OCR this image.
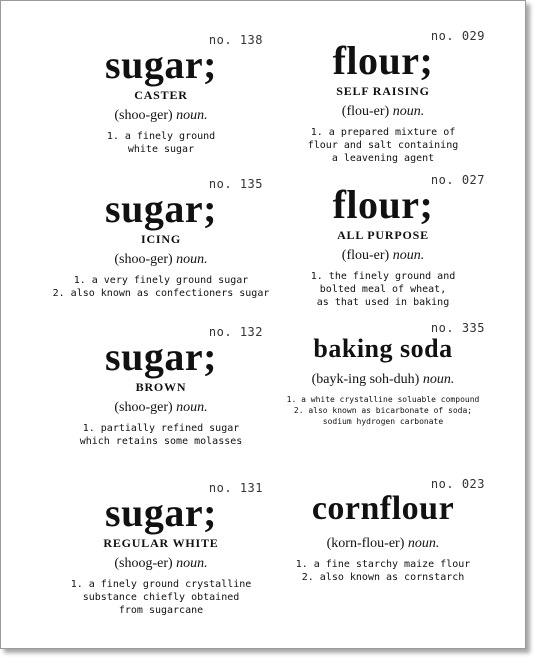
no. 138
sugar;
CASTER
(shoo-ger) noun.
1. a finely ground
white sugar
no. 029
flour;
SELF RAISING
(flou-er) noun.
1. a prepared mixture of
flour and salt containing
a leavening agent
no. 135
sugar;
ICING
(shoo-ger) noun.
1. a very finely ground sugar
2. also known as confectioners sugar
no. 027
flour;
ALL PURPOSE
(flou-er) noun.
1. the finely ground and
bolted meal of wheat,
as that used in baking
no. 132
sugar;
BROWN
(shoo-ger) noun.
1. partially refined sugar
which retains some molasses
no. 335
baking soda
(bayk-ing soh-duh) noun.
1. a white crystalline soluable compound
2. also known as bicarbonate of soda;
sodium hydrogen carbonate
no. 131
sugar;
REGULAR WHITE
(shoog-er) noun.
1. a finely ground crystalline
substance chiefly obtained
from sugarcane
no. 023
cornflour
(korn-flou-er) noun.
1. a fine starchy maize flour
2. also known as cornstarch
